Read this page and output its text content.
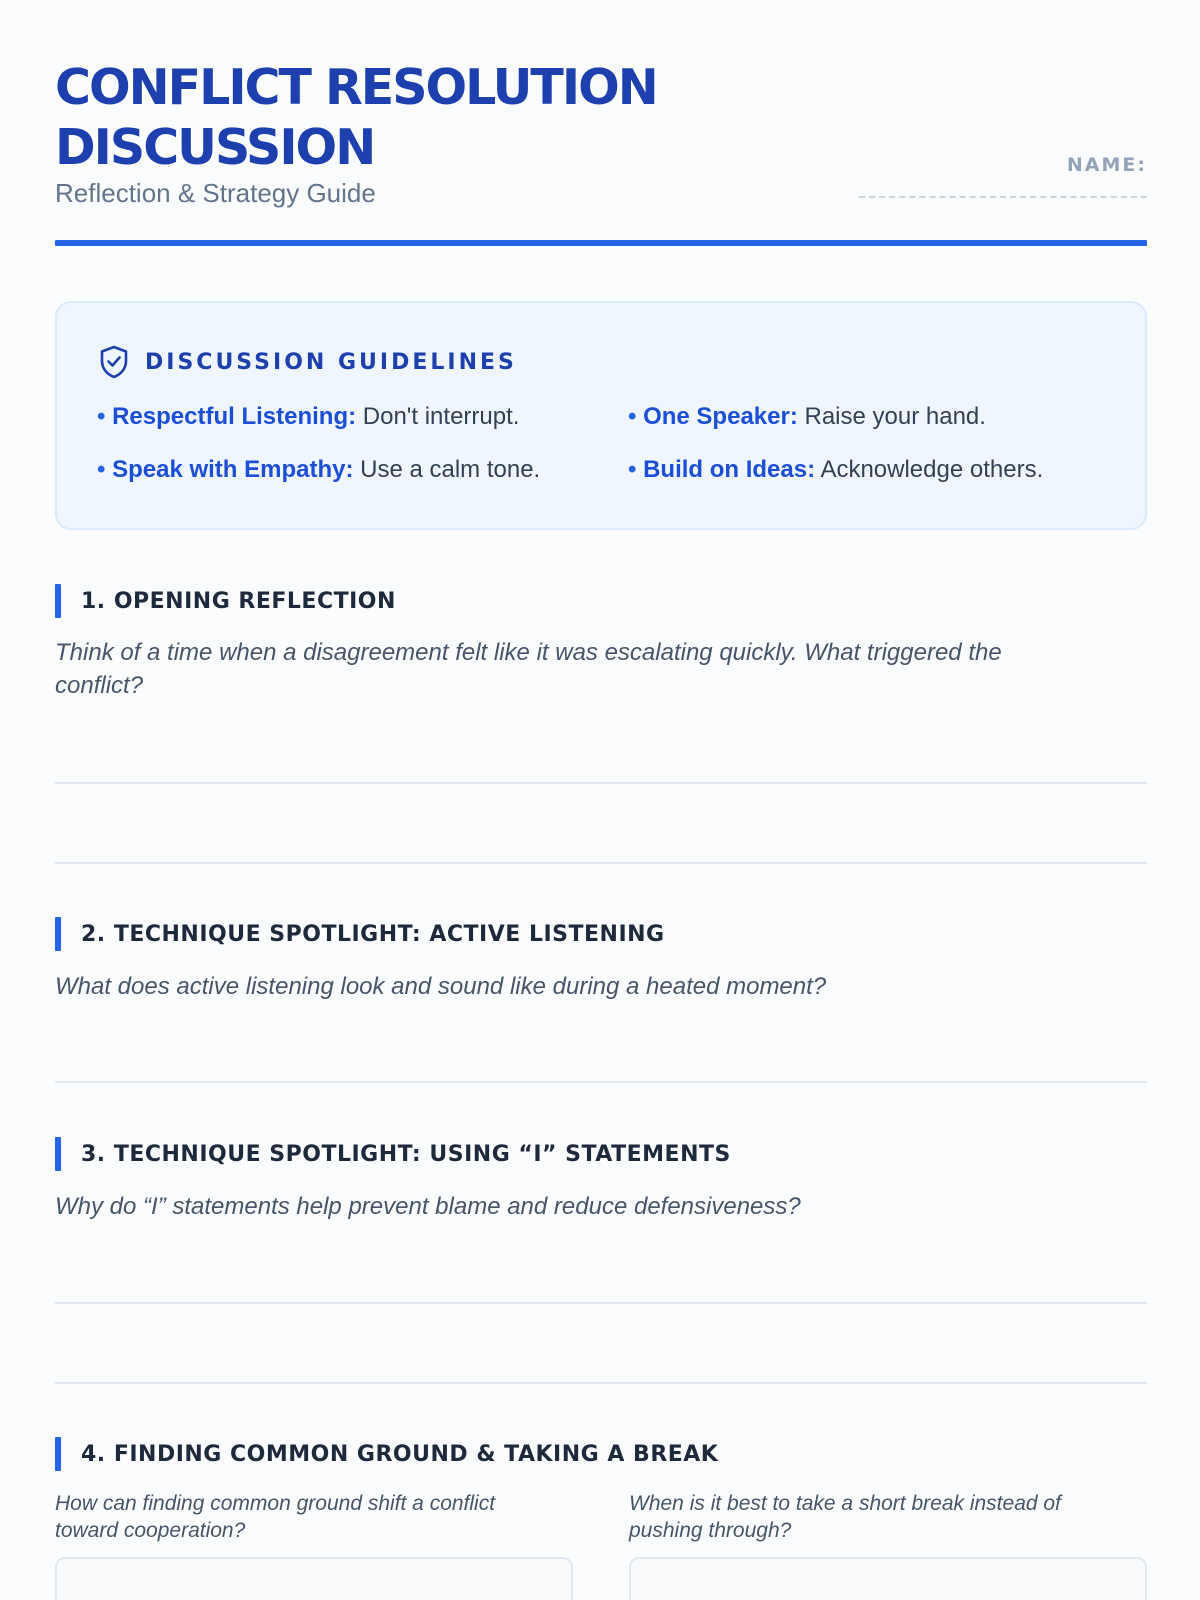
CONFLICT RESOLUTION
DISCUSSION
Reflection & Strategy Guide
NAME:
DISCUSSION GUIDELINES
• Respectful Listening: Don't interrupt.	• One Speaker: Raise your hand.
• Speak with Empathy: Use a calm tone.	• Build on Ideas: Acknowledge others.
1. OPENING REFLECTION
Think of a time when a disagreement felt like it was escalating quickly. What triggered the conflict?
2. TECHNIQUE SPOTLIGHT: ACTIVE LISTENING
What does active listening look and sound like during a heated moment?
3. TECHNIQUE SPOTLIGHT: USING “I” STATEMENTS
Why do “I” statements help prevent blame and reduce defensiveness?
4. FINDING COMMON GROUND & TAKING A BREAK
How can finding common ground shift a conflict toward cooperation?
When is it best to take a short break instead of pushing through?
